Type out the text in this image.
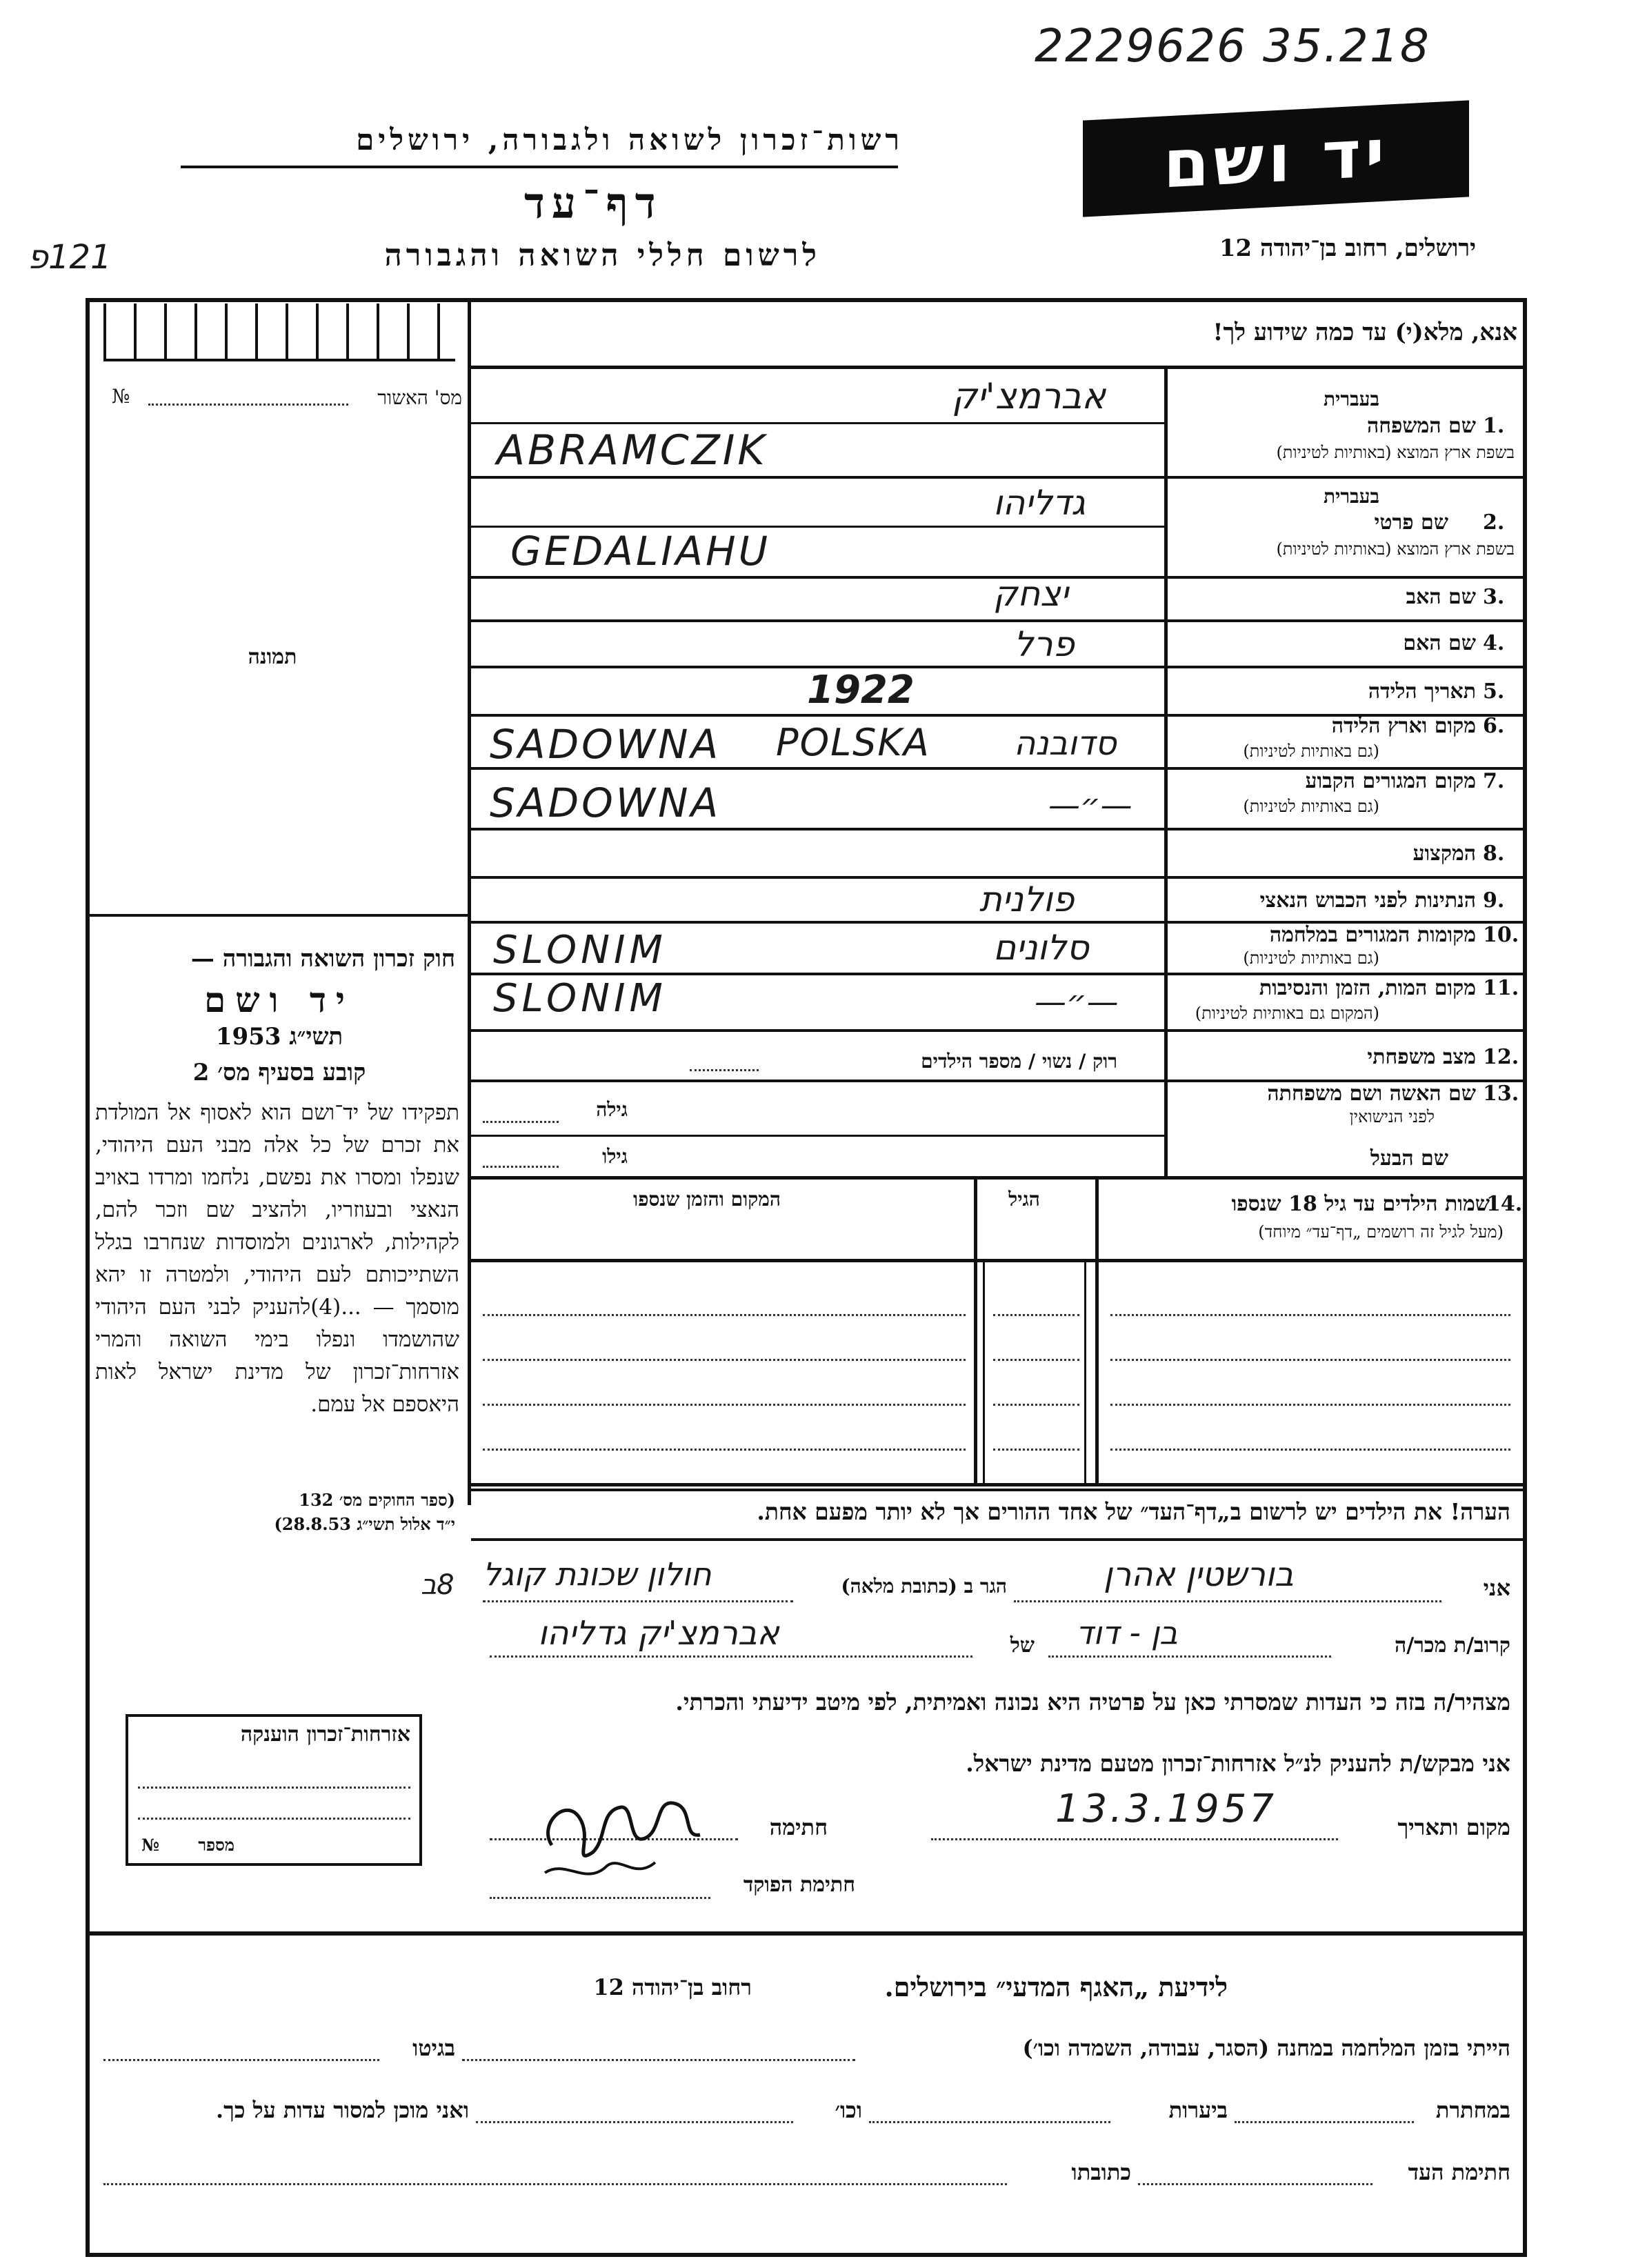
2229626 35.218
רשות־זכרון לשואה ולגבורה, ירושלים
דף־עד
לרשום חללי השואה והגבורה
121פ
יד ושם
ירושלים, רחוב בן־יהודה 12
מס' האשור
№
תמונה
אנא, מלא(י) עד כמה שידוע לך!
בעברית
שם המשפחה 1.
בשפת ארץ המוצא (באותיות לטיניות)
אברמצ'יק
ABRAMCZIK
בעברית
שם פרטי 2.
בשפת ארץ המוצא (באותיות לטיניות)
גדליהו
GEDALIAHU
שם האב 3.
יצחק
שם האם 4.
פרל
תאריך הלידה 5.
1922
מקום וארץ הלידה 6.
(גם באותיות לטיניות)
SADOWNA POLSKA	סדובנה
מקום המגורים הקבוע 7.
(גם באותיות לטיניות)
SADOWNA	—״—
המקצוע 8.
הנתינות לפני הכבוש הנאצי 9.
פולנית
מקומות המגורים במלחמה 10.
(גם באותיות לטיניות)
SLONIM	סלונים
מקום המות, הזמן והנסיבות 11.
(המקום גם באותיות לטיניות)
SLONIM	—״—
מצב משפחתי 12.
רוק / נשוי / מספר הילדים
שם האשה ושם משפחתה 13.
לפני הנישואין
גילה
שם הבעל
גילו
שמות הילדים עד גיל 18 שנספו
14.
(מעל לגיל זה רושמים „דף־עד״ מיוחד)
הגיל
המקום והזמן שנספו
חוק זכרון השואה והגבורה —
יד ושם
תשי״ג 1953
קובע בסעיף מס׳ 2
תפקידו של יד־ושם הוא לאסוף אל המולדת את זכרם של כל אלה מבני העם היהודי, שנפלו ומסרו את נפשם, נלחמו ומרדו באויב הנאצי ובעוזריו, ולהציב שם וזכר להם, לקהילות, לארגונים ולמוסדות שנחרבו בגלל השתייכותם לעם היהודי, ולמטרה זו יהא מוסמך — ...(4)להעניק לבני העם היהודי שהושמדו ונפלו בימי השואה והמרי אזרחות־זכרון של מדינת ישראל לאות היאספם אל עמם.
(ספר החוקים מס׳ 132
י״ד אלול תשי״ג 28.8.53)	הערה! את הילדים יש לרשום ב„דף־העד״ של אחד ההורים אך לא יותר מפעם אחת.
אני
בורשטין אהרן
הגר ב (כתובת מלאה)
חולון שכונת קוגל
8ב
קרוב/ת מכר/ה
בן - דוד
של
אברמצ'יק גדליהו
מצהיר/ה בזה כי העדות שמסרתי כאן על פרטיה היא נכונה ואמיתית, לפי מיטב ידיעתי והכרתי.
אני מבקש/ת להעניק לנ״ל אזרחות־זכרון מטעם מדינת ישראל.
מקום ותאריך
13.3.1957
חתימה
חתימת הפוקד
אזרחות־זכרון הוענקה
№	מספר
לידיעת „האגף המדעי״ בירושלים.
רחוב בן־יהודה 12
הייתי בזמן המלחמה במחנה (הסגר, עבודה, השמדה וכו׳)
בגיטו
במחתרת
ביערות
וכו׳
ואני מוכן למסור עדות על כך.
חתימת העד
כתובתו
